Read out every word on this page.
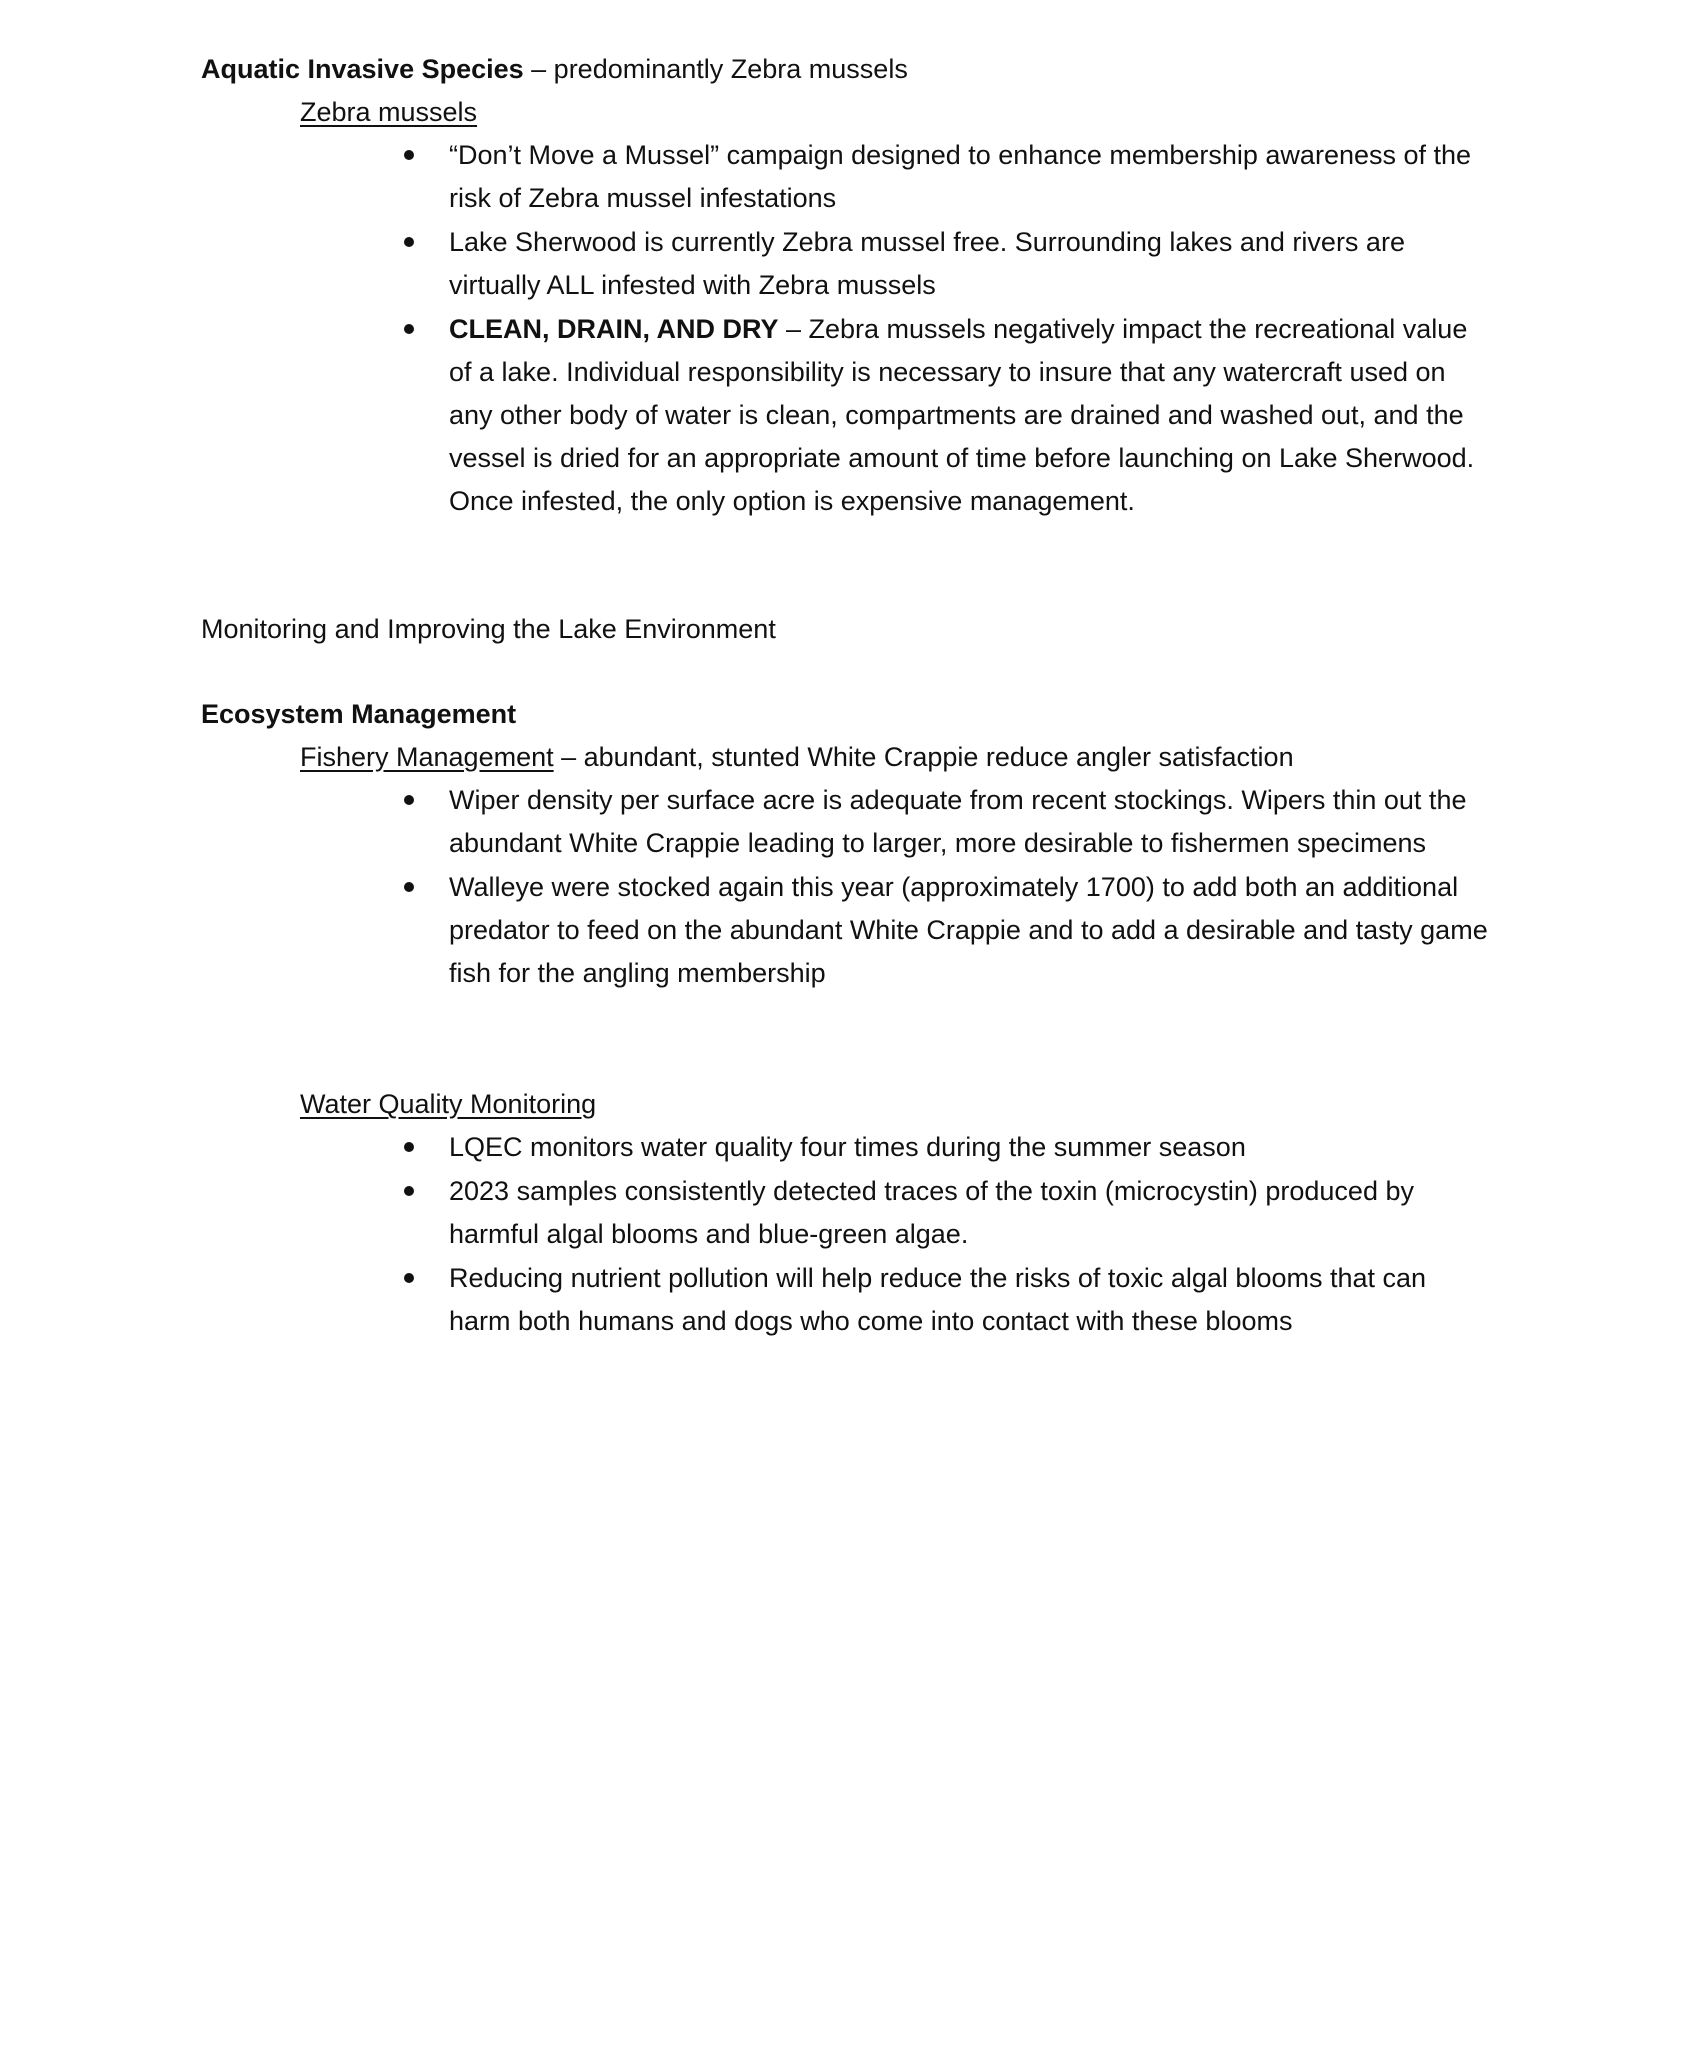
Aquatic Invasive Species – predominantly Zebra mussels
Zebra mussels
“Don’t Move a Mussel” campaign designed to enhance membership awareness of the risk of Zebra mussel infestations
Lake Sherwood is currently Zebra mussel free. Surrounding lakes and rivers are virtually ALL infested with Zebra mussels
CLEAN, DRAIN, AND DRY – Zebra mussels negatively impact the recreational value of a lake. Individual responsibility is necessary to insure that any watercraft used on any other body of water is clean, compartments are drained and washed out, and the vessel is dried for an appropriate amount of time before launching on Lake Sherwood. Once infested, the only option is expensive management.
Monitoring and Improving the Lake Environment
Ecosystem Management
Fishery Management – abundant, stunted White Crappie reduce angler satisfaction
Wiper density per surface acre is adequate from recent stockings. Wipers thin out the abundant White Crappie leading to larger, more desirable to fishermen specimens
Walleye were stocked again this year (approximately 1700) to add both an additional predator to feed on the abundant White Crappie and to add a desirable and tasty game fish for the angling membership
Water Quality Monitoring
LQEC monitors water quality four times during the summer season
2023 samples consistently detected traces of the toxin (microcystin) produced by harmful algal blooms and blue-green algae.
Reducing nutrient pollution will help reduce the risks of toxic algal blooms that can harm both humans and dogs who come into contact with these blooms
